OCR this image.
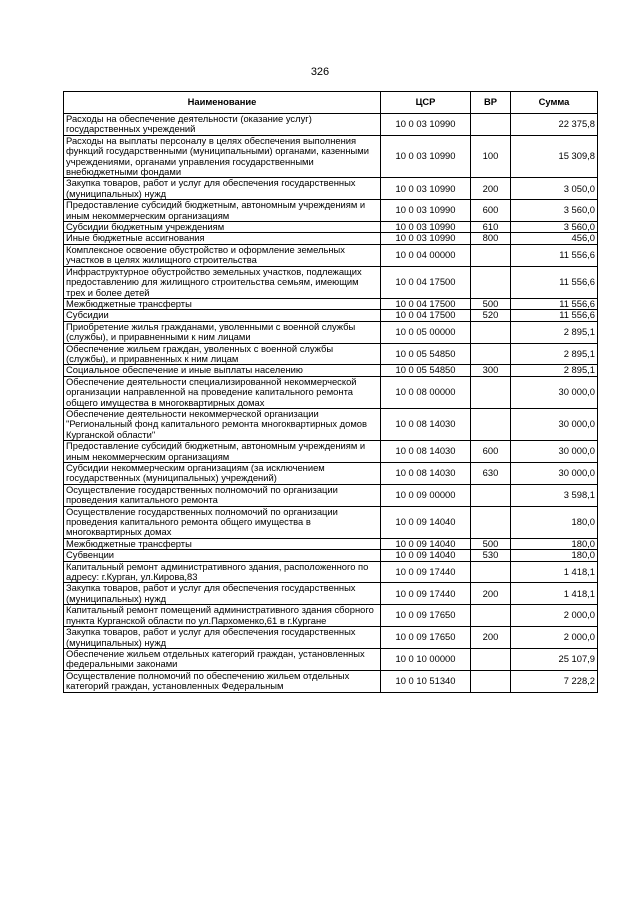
326
Наименование	ЦСР	ВР	Сумма
Расходы на обеспечение деятельности (оказание услуг) государственных учреждений	10 0 03 10990		22 375,8
Расходы на выплаты персоналу в целях обеспечения выполнения функций государственными (муниципальными) органами, казенными учреждениями, органами управления государственными внебюджетными фондами	10 0 03 10990	100	15 309,8
Закупка товаров, работ и услуг для обеспечения государственных (муниципальных) нужд	10 0 03 10990	200	3 050,0
Предоставление субсидий бюджетным, автономным учреждениям и иным некоммерческим организациям	10 0 03 10990	600	3 560,0
Субсидии бюджетным учреждениям	10 0 03 10990	610	3 560,0
Иные бюджетные ассигнования	10 0 03 10990	800	456,0
Комплексное освоение обустройство и оформление земельных участков в целях жилищного строительства	10 0 04 00000		11 556,6
Инфраструктурное обустройство земельных участков, подлежащих предоставлению для жилищного строительства семьям, имеющим трех и более детей	10 0 04 17500		11 556,6
Межбюджетные трансферты	10 0 04 17500	500	11 556,6
Субсидии	10 0 04 17500	520	11 556,6
Приобретение жилья гражданами, уволенными с военной службы (службы), и приравненными к ним лицами	10 0 05 00000		2 895,1
Обеспечение жильем граждан, уволенных с военной службы (службы), и приравненных к ним лицам	10 0 05 54850		2 895,1
Социальное обеспечение и иные выплаты населению	10 0 05 54850	300	2 895,1
Обеспечение деятельности специализированной некоммерческой организации направленной на проведение капитального ремонта общего имущества в многоквартирных домах	10 0 08 00000		30 000,0
Обеспечение деятельности некоммерческой организации "Региональный фонд капитального ремонта многоквартирных домов Курганской области"	10 0 08 14030		30 000,0
Предоставление субсидий бюджетным, автономным учреждениям и иным некоммерческим организациям	10 0 08 14030	600	30 000,0
Субсидии некоммерческим организациям (за исключением государственных (муниципальных) учреждений)	10 0 08 14030	630	30 000,0
Осуществление государственных полномочий по организации проведения капитального ремонта	10 0 09 00000		3 598,1
Осуществление государственных полномочий по организации проведения капитального ремонта общего имущества в многоквартирных домах	10 0 09 14040		180,0
Межбюджетные трансферты	10 0 09 14040	500	180,0
Субвенции	10 0 09 14040	530	180,0
Капитальный ремонт административного здания, расположенного по адресу: г.Курган, ул.Кирова,83	10 0 09 17440		1 418,1
Закупка товаров, работ и услуг для обеспечения государственных (муниципальных) нужд	10 0 09 17440	200	1 418,1
Капитальный ремонт помещений административного здания сборного пункта Курганской области по ул.Пархоменко,61 в г.Кургане	10 0 09 17650		2 000,0
Закупка товаров, работ и услуг для обеспечения государственных (муниципальных) нужд	10 0 09 17650	200	2 000,0
Обеспечение жильем отдельных категорий граждан, установленных федеральными законами	10 0 10 00000		25 107,9
Осуществление полномочий по обеспечению жильем отдельных категорий граждан, установленных Федеральным	10 0 10 51340		7 228,2
